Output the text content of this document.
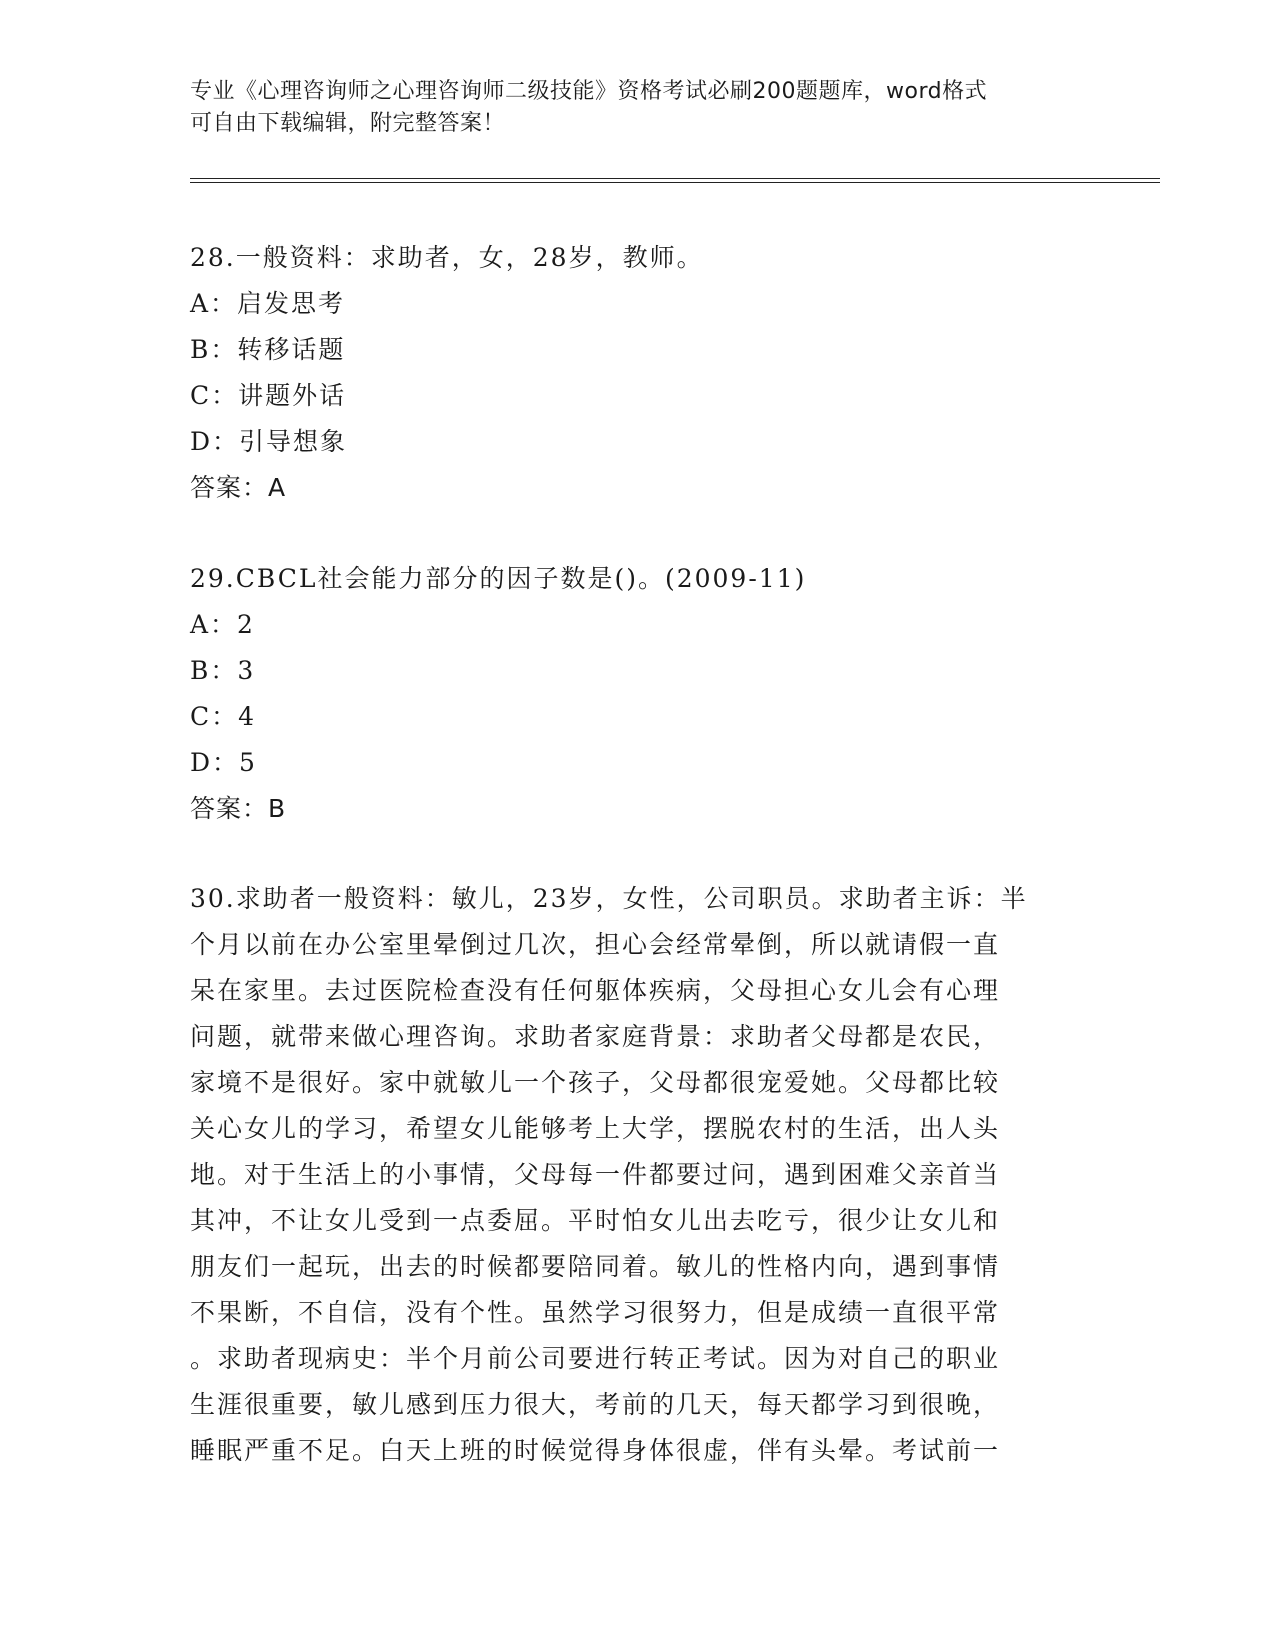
专业《心理咨询师之心理咨询师二级技能》资格考试必刷200题题库，word格式
可自由下载编辑，附完整答案！
28.一般资料：求助者，女，28岁，教师。
A：启发思考
B：转移话题
C：讲题外话
D：引导想象
答案：A
29.CBCL社会能力部分的因子数是()。(2009-11)
A：2
B：3
C：4
D：5
答案：B
30.求助者一般资料：敏儿，23岁，女性，公司职员。求助者主诉：半
个月以前在办公室里晕倒过几次，担心会经常晕倒，所以就请假一直
呆在家里。去过医院检查没有任何躯体疾病，父母担心女儿会有心理
问题，就带来做心理咨询。求助者家庭背景：求助者父母都是农民，
家境不是很好。家中就敏儿一个孩子，父母都很宠爱她。父母都比较
关心女儿的学习，希望女儿能够考上大学，摆脱农村的生活，出人头
地。对于生活上的小事情，父母每一件都要过问，遇到困难父亲首当
其冲，不让女儿受到一点委屈。平时怕女儿出去吃亏，很少让女儿和
朋友们一起玩，出去的时候都要陪同着。敏儿的性格内向，遇到事情
不果断，不自信，没有个性。虽然学习很努力，但是成绩一直很平常
。求助者现病史：半个月前公司要进行转正考试。因为对自己的职业
生涯很重要，敏儿感到压力很大，考前的几天，每天都学习到很晚，
睡眠严重不足。白天上班的时候觉得身体很虚，伴有头晕。考试前一
